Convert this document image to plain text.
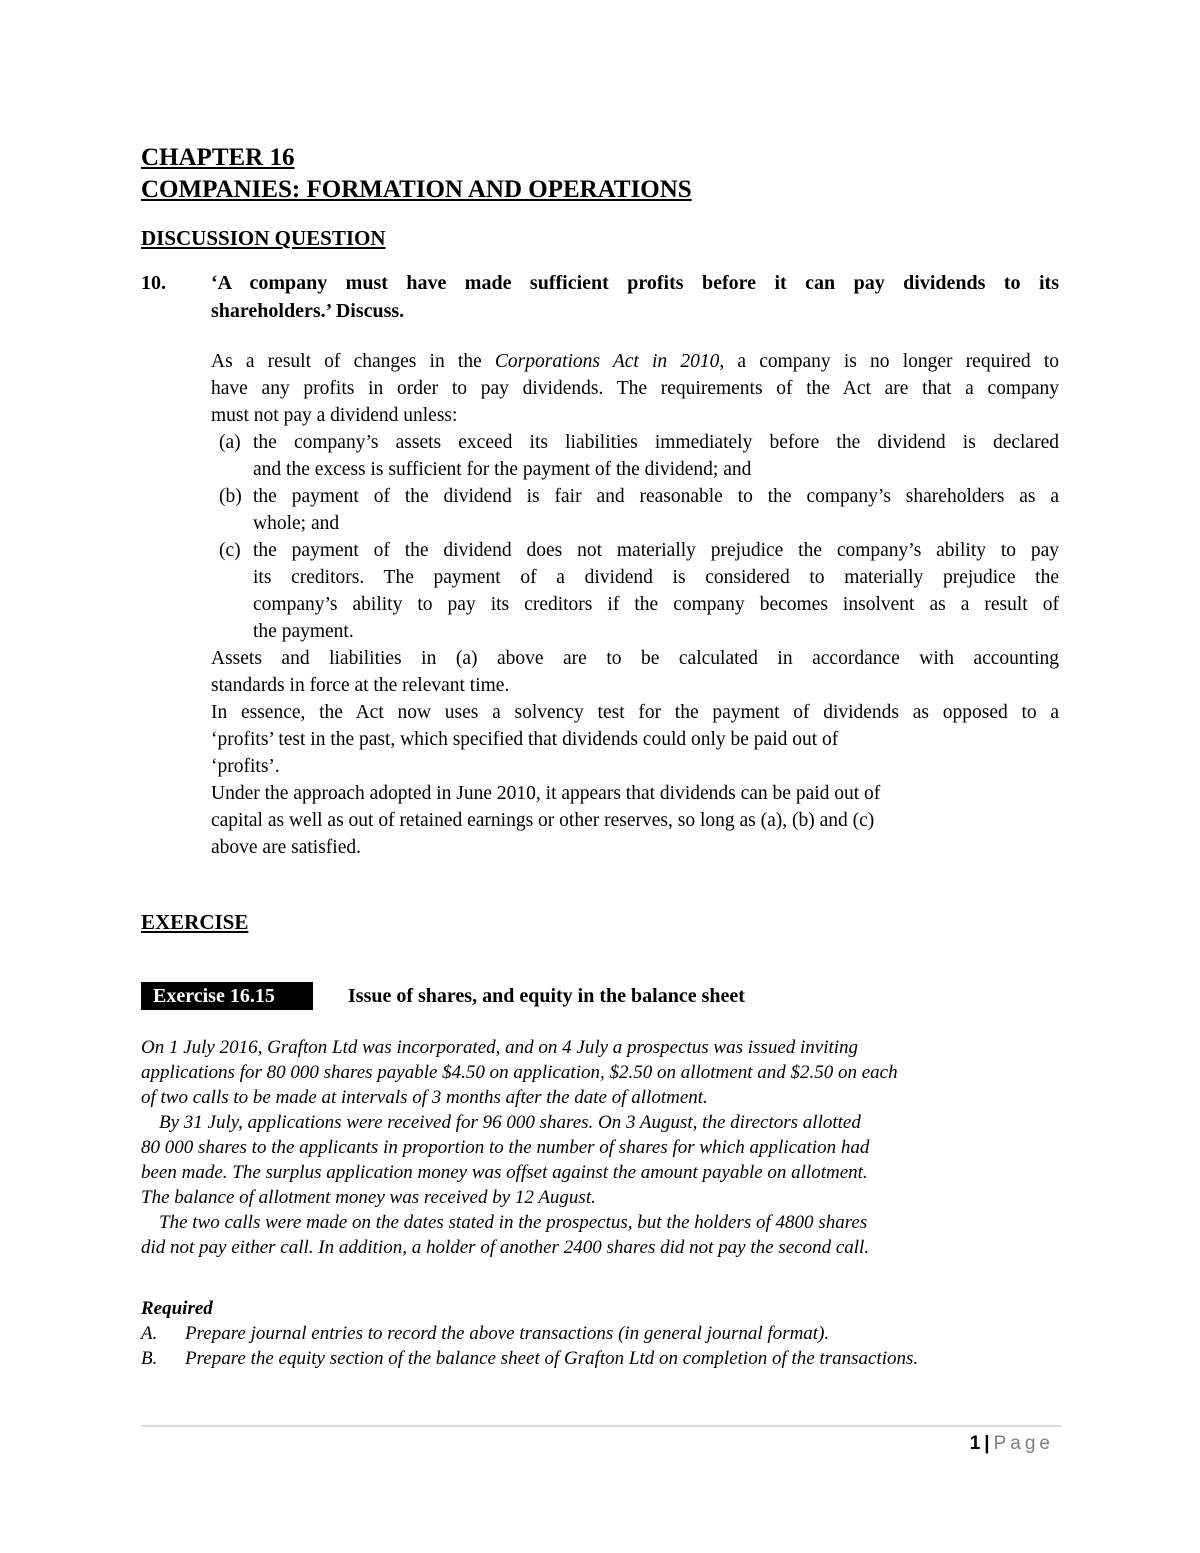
CHAPTER 16
COMPANIES: FORMATION AND OPERATIONS
DISCUSSION QUESTION
10. ‘A company must have made sufficient profits before it can pay dividends to its
shareholders.’ Discuss.
As a result of changes in the Corporations Act in 2010, a company is no longer required to
have any profits in order to pay dividends. The requirements of the Act are that a company
must not pay a dividend unless:
(a) the company’s assets exceed its liabilities immediately before the dividend is declared
and the excess is sufficient for the payment of the dividend; and
(b) the payment of the dividend is fair and reasonable to the company’s shareholders as a
whole; and
(c) the payment of the dividend does not materially prejudice the company’s ability to pay
its creditors. The payment of a dividend is considered to materially prejudice the
company’s ability to pay its creditors if the company becomes insolvent as a result of
the payment.
Assets and liabilities in (a) above are to be calculated in accordance with accounting
standards in force at the relevant time.
In essence, the Act now uses a solvency test for the payment of dividends as opposed to a
‘profits’ test in the past, which specified that dividends could only be paid out of
‘profits’.
Under the approach adopted in June 2010, it appears that dividends can be paid out of
capital as well as out of retained earnings or other reserves, so long as (a), (b) and (c)
above are satisfied.
EXERCISE
Exercise 16.15	Issue of shares, and equity in the balance sheet
On 1 July 2016, Grafton Ltd was incorporated, and on 4 July a prospectus was issued inviting
applications for 80 000 shares payable $4.50 on application, $2.50 on allotment and $2.50 on each
of two calls to be made at intervals of 3 months after the date of allotment.
By 31 July, applications were received for 96 000 shares. On 3 August, the directors allotted
80 000 shares to the applicants in proportion to the number of shares for which application had
been made. The surplus application money was offset against the amount payable on allotment.
The balance of allotment money was received by 12 August.
The two calls were made on the dates stated in the prospectus, but the holders of 4800 shares
did not pay either call. In addition, a holder of another 2400 shares did not pay the second call.
Required
A. Prepare journal entries to record the above transactions (in general journal format).
B. Prepare the equity section of the balance sheet of Grafton Ltd on completion of the transactions.
1 | Page
